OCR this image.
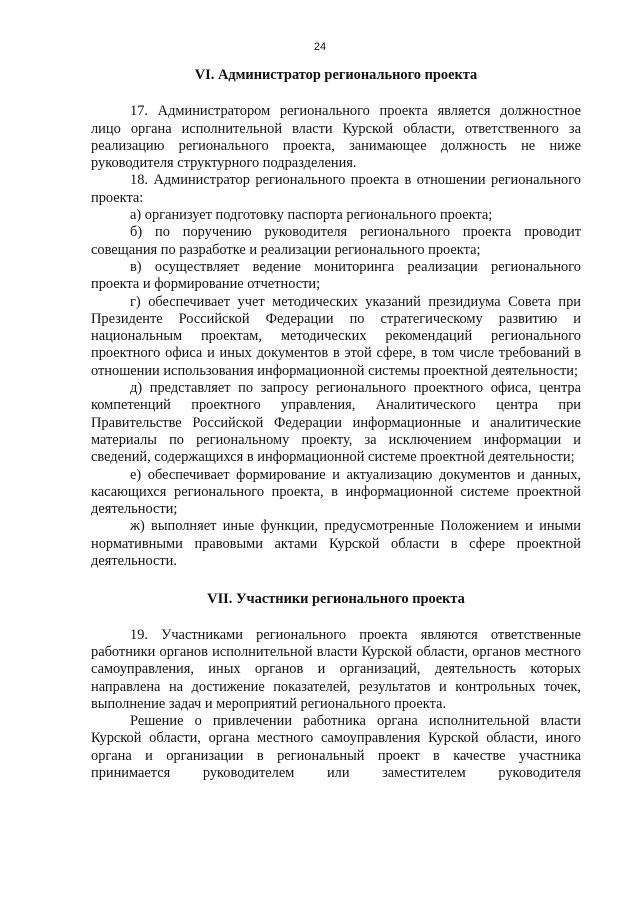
24
VI. Администратор регионального проекта

17. Администратором регионального проекта является должностное лицо органа исполнительной власти Курской области, ответственного за реализацию регионального проекта, занимающее должность не ниже руководителя структурного подразделения.

18. Администратор регионального проекта в отношении регионального проекта:

а) организует подготовку паспорта регионального проекта;

б) по поручению руководителя регионального проекта проводит совещания по разработке и реализации регионального проекта;

в) осуществляет ведение мониторинга реализации регионального проекта и формирование отчетности;

г) обеспечивает учет методических указаний президиума Совета при Президенте Российской Федерации по стратегическому развитию и национальным проектам, методических рекомендаций регионального проектного офиса и иных документов в этой сфере, в том числе требований в отношении использования информационной системы проектной деятельности;

д) представляет по запросу регионального проектного офиса, центра компетенций проектного управления, Аналитического центра при Правительстве Российской Федерации информационные и аналитические материалы по региональному проекту, за исключением информации и сведений, содержащихся в информационной системе проектной деятельности;

е) обеспечивает формирование и актуализацию документов и данных, касающихся регионального проекта, в информационной системе проектной деятельности;

ж) выполняет иные функции, предусмотренные Положением и иными нормативными правовыми актами Курской области в сфере проектной деятельности.

VII. Участники регионального проекта

19. Участниками регионального проекта являются ответственные работники органов исполнительной власти Курской области, органов местного самоуправления, иных органов и организаций, деятельность которых направлена на достижение показателей, результатов и контрольных точек, выполнение задач и мероприятий регионального проекта.

Решение о привлечении работника органа исполнительной власти Курской области, органа местного самоуправления Курской области, иного органа и организации в региональный проект в качестве участника принимается руководителем или заместителем руководителя
